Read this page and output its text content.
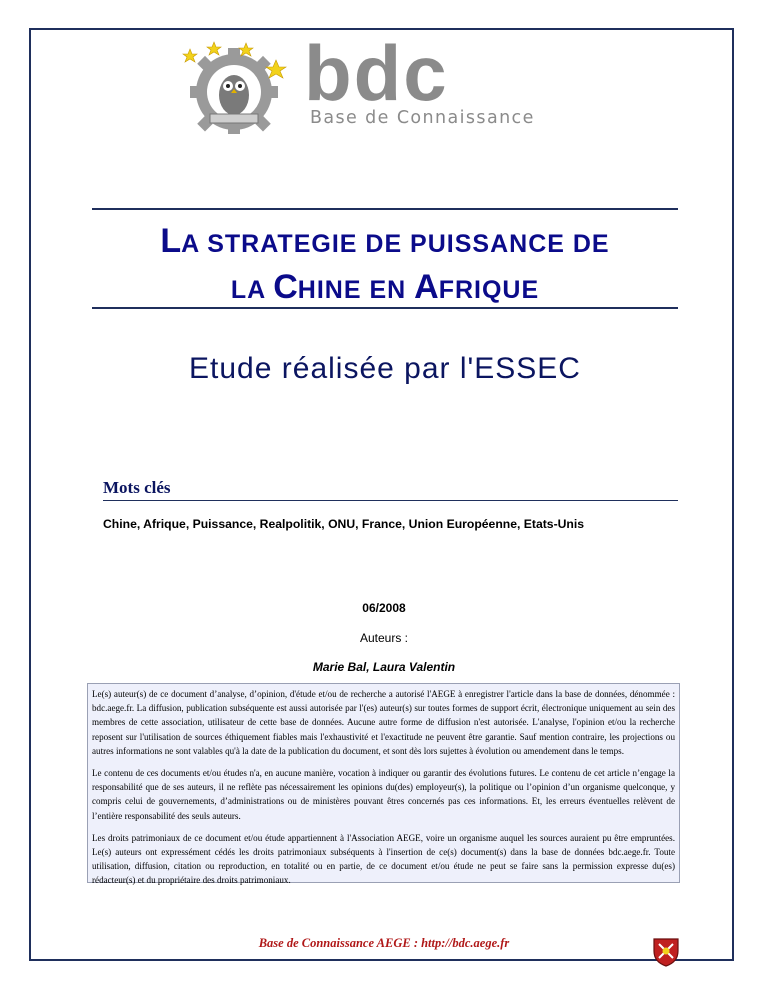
bdc
Base de Connaissance
LA STRATEGIE DE PUISSANCE DE
LA CHINE EN AFRIQUE
Etude réalisée par l'ESSEC
Mots clés
Chine, Afrique, Puissance, Realpolitik, ONU, France, Union Européenne, Etats-Unis
06/2008
Auteurs :
Marie Bal, Laura Valentin

Le(s) auteur(s) de ce document d’analyse, d’opinion, d'étude et/ou de recherche a autorisé l'AEGE à enregistrer l'article dans la base de données, dénommée : bdc.aege.fr. La diffusion, publication subséquente est aussi autorisée par l'(es) auteur(s) sur toutes formes de support écrit, électronique uniquement au sein des membres de cette association, utilisateur de cette base de données. Aucune autre forme de diffusion n'est autorisée. L'analyse, l'opinion et/ou la recherche reposent sur l'utilisation de sources éthiquement fiables mais l'exhaustivité et l'exactitude ne peuvent être garantie. Sauf mention contraire, les projections ou autres informations ne sont valables qu'à la date de la publication du document, et sont dès lors sujettes à évolution ou amendement dans le temps.

Le contenu de ces documents et/ou études n'a, en aucune manière, vocation à indiquer ou garantir des évolutions futures. Le contenu de cet article n’engage la responsabilité que de ses auteurs, il ne reflète pas nécessairement les opinions du(des) employeur(s), la politique ou l’opinion d’un organisme quelconque, y compris celui de gouvernements, d’administrations ou de ministères pouvant êtres concernés pas ces informations. Et, les erreurs éventuelles relèvent de l’entière responsabilité des seuls auteurs.

Les droits patrimoniaux de ce document et/ou étude appartiennent à l'Association AEGE, voire un organisme auquel les sources auraient pu être empruntées. Le(s) auteurs ont expressément cédés les droits patrimoniaux subséquents à l'insertion de ce(s) document(s) dans la base de données bdc.aege.fr. Toute utilisation, diffusion, citation ou reproduction, en totalité ou en partie, de ce document et/ou étude ne peut se faire sans la permission expresse du(es) rédacteur(s) et du propriétaire des droits patrimoniaux.

Base de Connaissance AEGE : http://bdc.aege.fr
